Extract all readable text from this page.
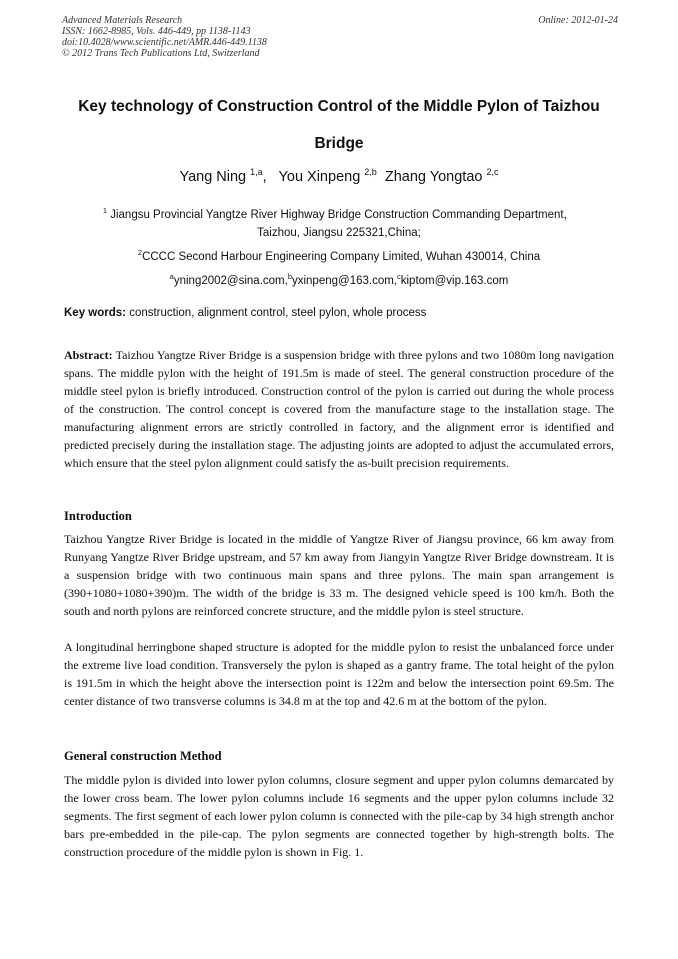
Advanced Materials Research
ISSN: 1662-8985, Vols. 446-449, pp 1138-1143
doi:10.4028/www.scientific.net/AMR.446-449.1138
© 2012 Trans Tech Publications Ltd, Switzerland
Online: 2012-01-24
Key technology of Construction Control of the Middle Pylon of Taizhou
Bridge
Yang Ning $^{1,a}$,   You Xinpeng $^{2,b}$ Zhang Yongtao $^{2,c}$
$^1$ Jiangsu Provincial Yangtze River Highway Bridge Construction Commanding Department，
Taizhou, Jiangsu 225321,China;
$^2$CCCC Second Harbour Engineering Company Limited, Wuhan 430014, China
$^a$yning2002@sina.com,$^b$yxinpeng@163.com,$^c$kiptom@vip.163.com
Key words: construction, alignment control, steel pylon, whole process
Abstract: Taizhou Yangtze River Bridge is a suspension bridge with three pylons and two 1080m long navigation spans. The middle pylon with the height of 191.5m is made of steel. The general construction procedure of the middle steel pylon is briefly introduced. Construction control of the pylon is carried out during the whole process of the construction. The control concept is covered from the manufacture stage to the installation stage. The manufacturing alignment errors are strictly controlled in factory, and the alignment error is identified and predicted precisely during the installation stage. The adjusting joints are adopted to adjust the accumulated errors, which ensure that the steel pylon alignment could satisfy the as-built precision requirements.
Introduction
Taizhou Yangtze River Bridge is located in the middle of Yangtze River of Jiangsu province, 66 km away from Runyang Yangtze River Bridge upstream, and 57 km away from Jiangyin Yangtze River Bridge downstream. It is a suspension bridge with two continuous main spans and three pylons. The main span arrangement is (390+1080+1080+390)m. The width of the bridge is 33 m. The designed vehicle speed is 100 km/h. Both the south and north pylons are reinforced concrete structure, and the middle pylon is steel structure.
A longitudinal herringbone shaped structure is adopted for the middle pylon to resist the unbalanced force under the extreme live load condition. Transversely the pylon is shaped as a gantry frame. The total height of the pylon is 191.5m in which the height above the intersection point is 122m and below the intersection point 69.5m. The center distance of two transverse columns is 34.8 m at the top and 42.6 m at the bottom of the pylon.
General construction Method
The middle pylon is divided into lower pylon columns, closure segment and upper pylon columns demarcated by the lower cross beam. The lower pylon columns include 16 segments and the upper pylon columns include 32 segments. The first segment of each lower pylon column is connected with the pile-cap by 34 high strength anchor bars pre-embedded in the pile-cap. The pylon segments are connected together by high-strength bolts. The construction procedure of the middle pylon is shown in Fig. 1.
